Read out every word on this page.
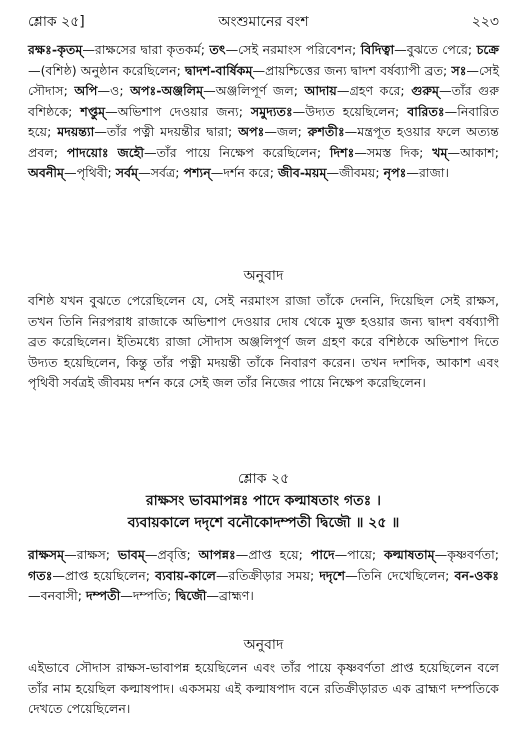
শ্লোক ২৫]	অংশুমানের বংশ	২২৩

রক্ষঃ-কৃতম্—রাক্ষসের দ্বারা কৃতকর্ম; তৎ—সেই নরমাংস পরিবেশন; বিদিত্বা—বুঝতে পেরে; চক্রে—(বশিষ্ঠ) অনুষ্ঠান করেছিলেন; দ্বাদশ-বার্ষিকম্—প্রায়শ্চিত্তের জন্য দ্বাদশ বর্ষব্যাপী ব্রত; সঃ—সেই সৌদাস; অপি—ও; অপঃ-অঞ্জলিম্—অঞ্জলিপূর্ণ জল; আদায়—গ্রহণ করে; গুরুম্—তাঁর গুরু বশিষ্ঠকে; শপ্তুম্—অভিশাপ দেওয়ার জন্য; সমুদ্যতঃ—উদ্যত হয়েছিলেন; বারিতঃ—নিবারিত হয়ে; মদয়ন্ত্যা—তাঁর পত্নী মদয়ন্তীর দ্বারা; অপঃ—জল; রুশতীঃ—মন্ত্রপূত হওয়ার ফলে অত্যন্ত প্রবল; পাদয়োঃ জহৌ—তাঁর পায়ে নিক্ষেপ করেছিলেন; দিশঃ—সমস্ত দিক; খম্—আকাশ; অবনীম্—পৃথিবী; সর্বম্—সর্বত্র; পশ্যন্—দর্শন করে; জীব-ময়ম্—জীবময়; নৃপঃ—রাজা।

অনুবাদ

বশিষ্ঠ যখন বুঝতে পেরেছিলেন যে, সেই নরমাংস রাজা তাঁকে দেননি, দিয়েছিল সেই রাক্ষস, তখন তিনি নিরপরাধ রাজাকে অভিশাপ দেওয়ার দোষ থেকে মুক্ত হওয়ার জন্য দ্বাদশ বর্ষব্যাপী ব্রত করেছিলেন। ইতিমধ্যে রাজা সৌদাস অঞ্জলিপূর্ণ জল গ্রহণ করে বশিষ্ঠকে অভিশাপ দিতে উদ্যত হয়েছিলেন, কিন্তু তাঁর পত্নী মদয়ন্তী তাঁকে নিবারণ করেন। তখন দশদিক, আকাশ এবং পৃথিবী সর্বত্রই জীবময় দর্শন করে সেই জল তাঁর নিজের পায়ে নিক্ষেপ করেছিলেন।

শ্লোক ২৫
রাক্ষসং ভাবমাপন্নঃ পাদে কল্মাষতাং গতঃ ।
ব্যবায়কালে দদৃশে বনৌকোদম্পতী দ্বিজৌ ॥ ২৫ ॥

রাক্ষসম্—রাক্ষস; ভাবম্—প্রবৃত্তি; আপন্নঃ—প্রাপ্ত হয়ে; পাদে—পায়ে; কল্মাষতাম্—কৃষ্ণবর্ণতা; গতঃ—প্রাপ্ত হয়েছিলেন; ব্যবায়-কালে—রতিক্রীড়ার সময়; দদৃশে—তিনি দেখেছিলেন; বন-ওকঃ—বনবাসী; দম্পতী—দম্পতি; দ্বিজৌ—ব্রাহ্মণ।

অনুবাদ

এইভাবে সৌদাস রাক্ষস-ভাবাপন্ন হয়েছিলেন এবং তাঁর পায়ে কৃষ্ণবর্ণতা প্রাপ্ত হয়েছিলেন বলে তাঁর নাম হয়েছিল কল্মাষপাদ। একসময় এই কল্মাষপাদ বনে রতিক্রীড়ারত এক ব্রাহ্মণ দম্পতিকে দেখতে পেয়েছিলেন।
